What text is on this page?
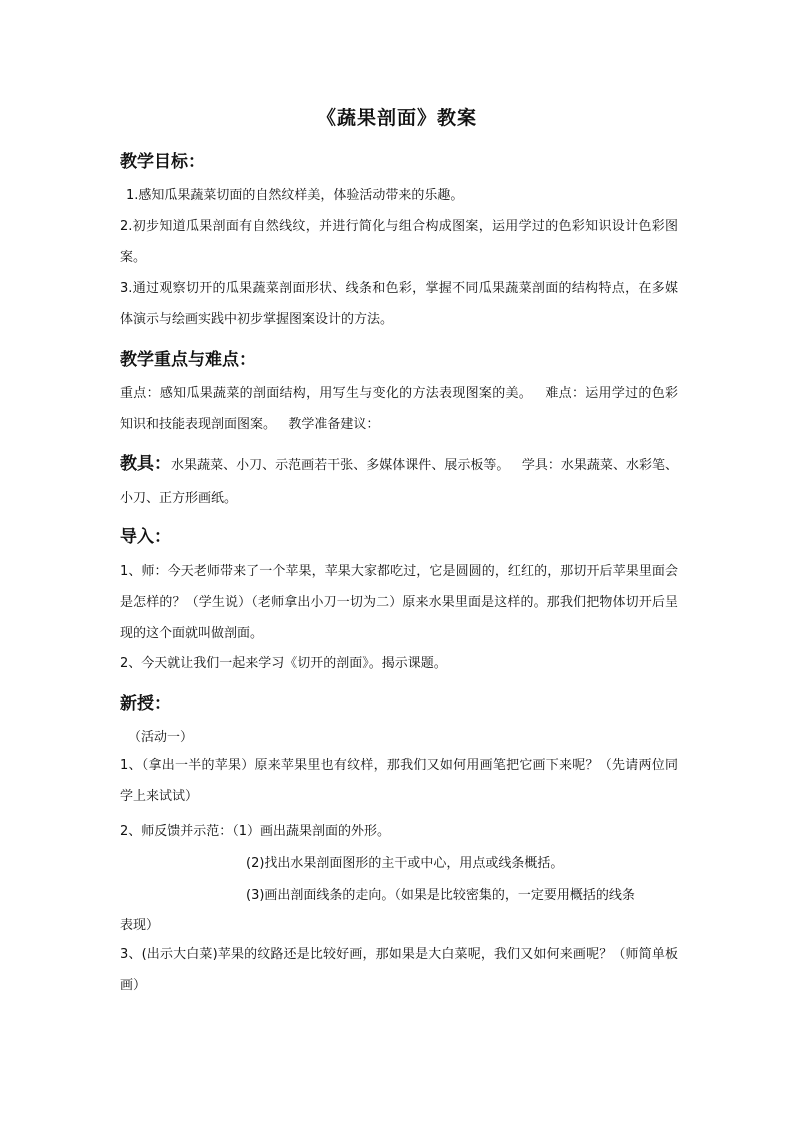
《蔬果剖面》教案
教学目标：

1.感知瓜果蔬菜切面的自然纹样美，体验活动带来的乐趣。

2.初步知道瓜果剖面有自然线纹，并进行简化与组合构成图案，运用学过的色彩知识设计色彩图案。

3.通过观察切开的瓜果蔬菜剖面形状、线条和色彩，掌握不同瓜果蔬菜剖面的结构特点，在多媒体演示与绘画实践中初步掌握图案设计的方法。

教学重点与难点：

重点：感知瓜果蔬菜的剖面结构，用写生与变化的方法表现图案的美。   难点：运用学过的色彩知识和技能表现剖面图案。   教学准备建议：

教具：水果蔬菜、小刀、示范画若干张、多媒体课件、展示板等。   学具：水果蔬菜、水彩笔、小刀、正方形画纸。

导入：

1、师：今天老师带来了一个苹果，苹果大家都吃过，它是圆圆的，红红的，那切开后苹果里面会是怎样的？（学生说）（老师拿出小刀一切为二）原来水果里面是这样的。那我们把物体切开后呈现的这个面就叫做剖面。

2、今天就让我们一起来学习《切开的剖面》。揭示课题。

新授：
（活动一）

1、（拿出一半的苹果）原来苹果里也有纹样，那我们又如何用画笔把它画下来呢？（先请两位同学上来试试）

2、师反馈并示范：（1）画出蔬果剖面的外形。
(2)找出水果剖面图形的主干或中心，用点或线条概括。
(3)画出剖面线条的走向。（如果是比较密集的，一定要用概括的线条
表现）

3、(出示大白菜)苹果的纹路还是比较好画，那如果是大白菜呢，我们又如何来画呢？（师简单板画）
